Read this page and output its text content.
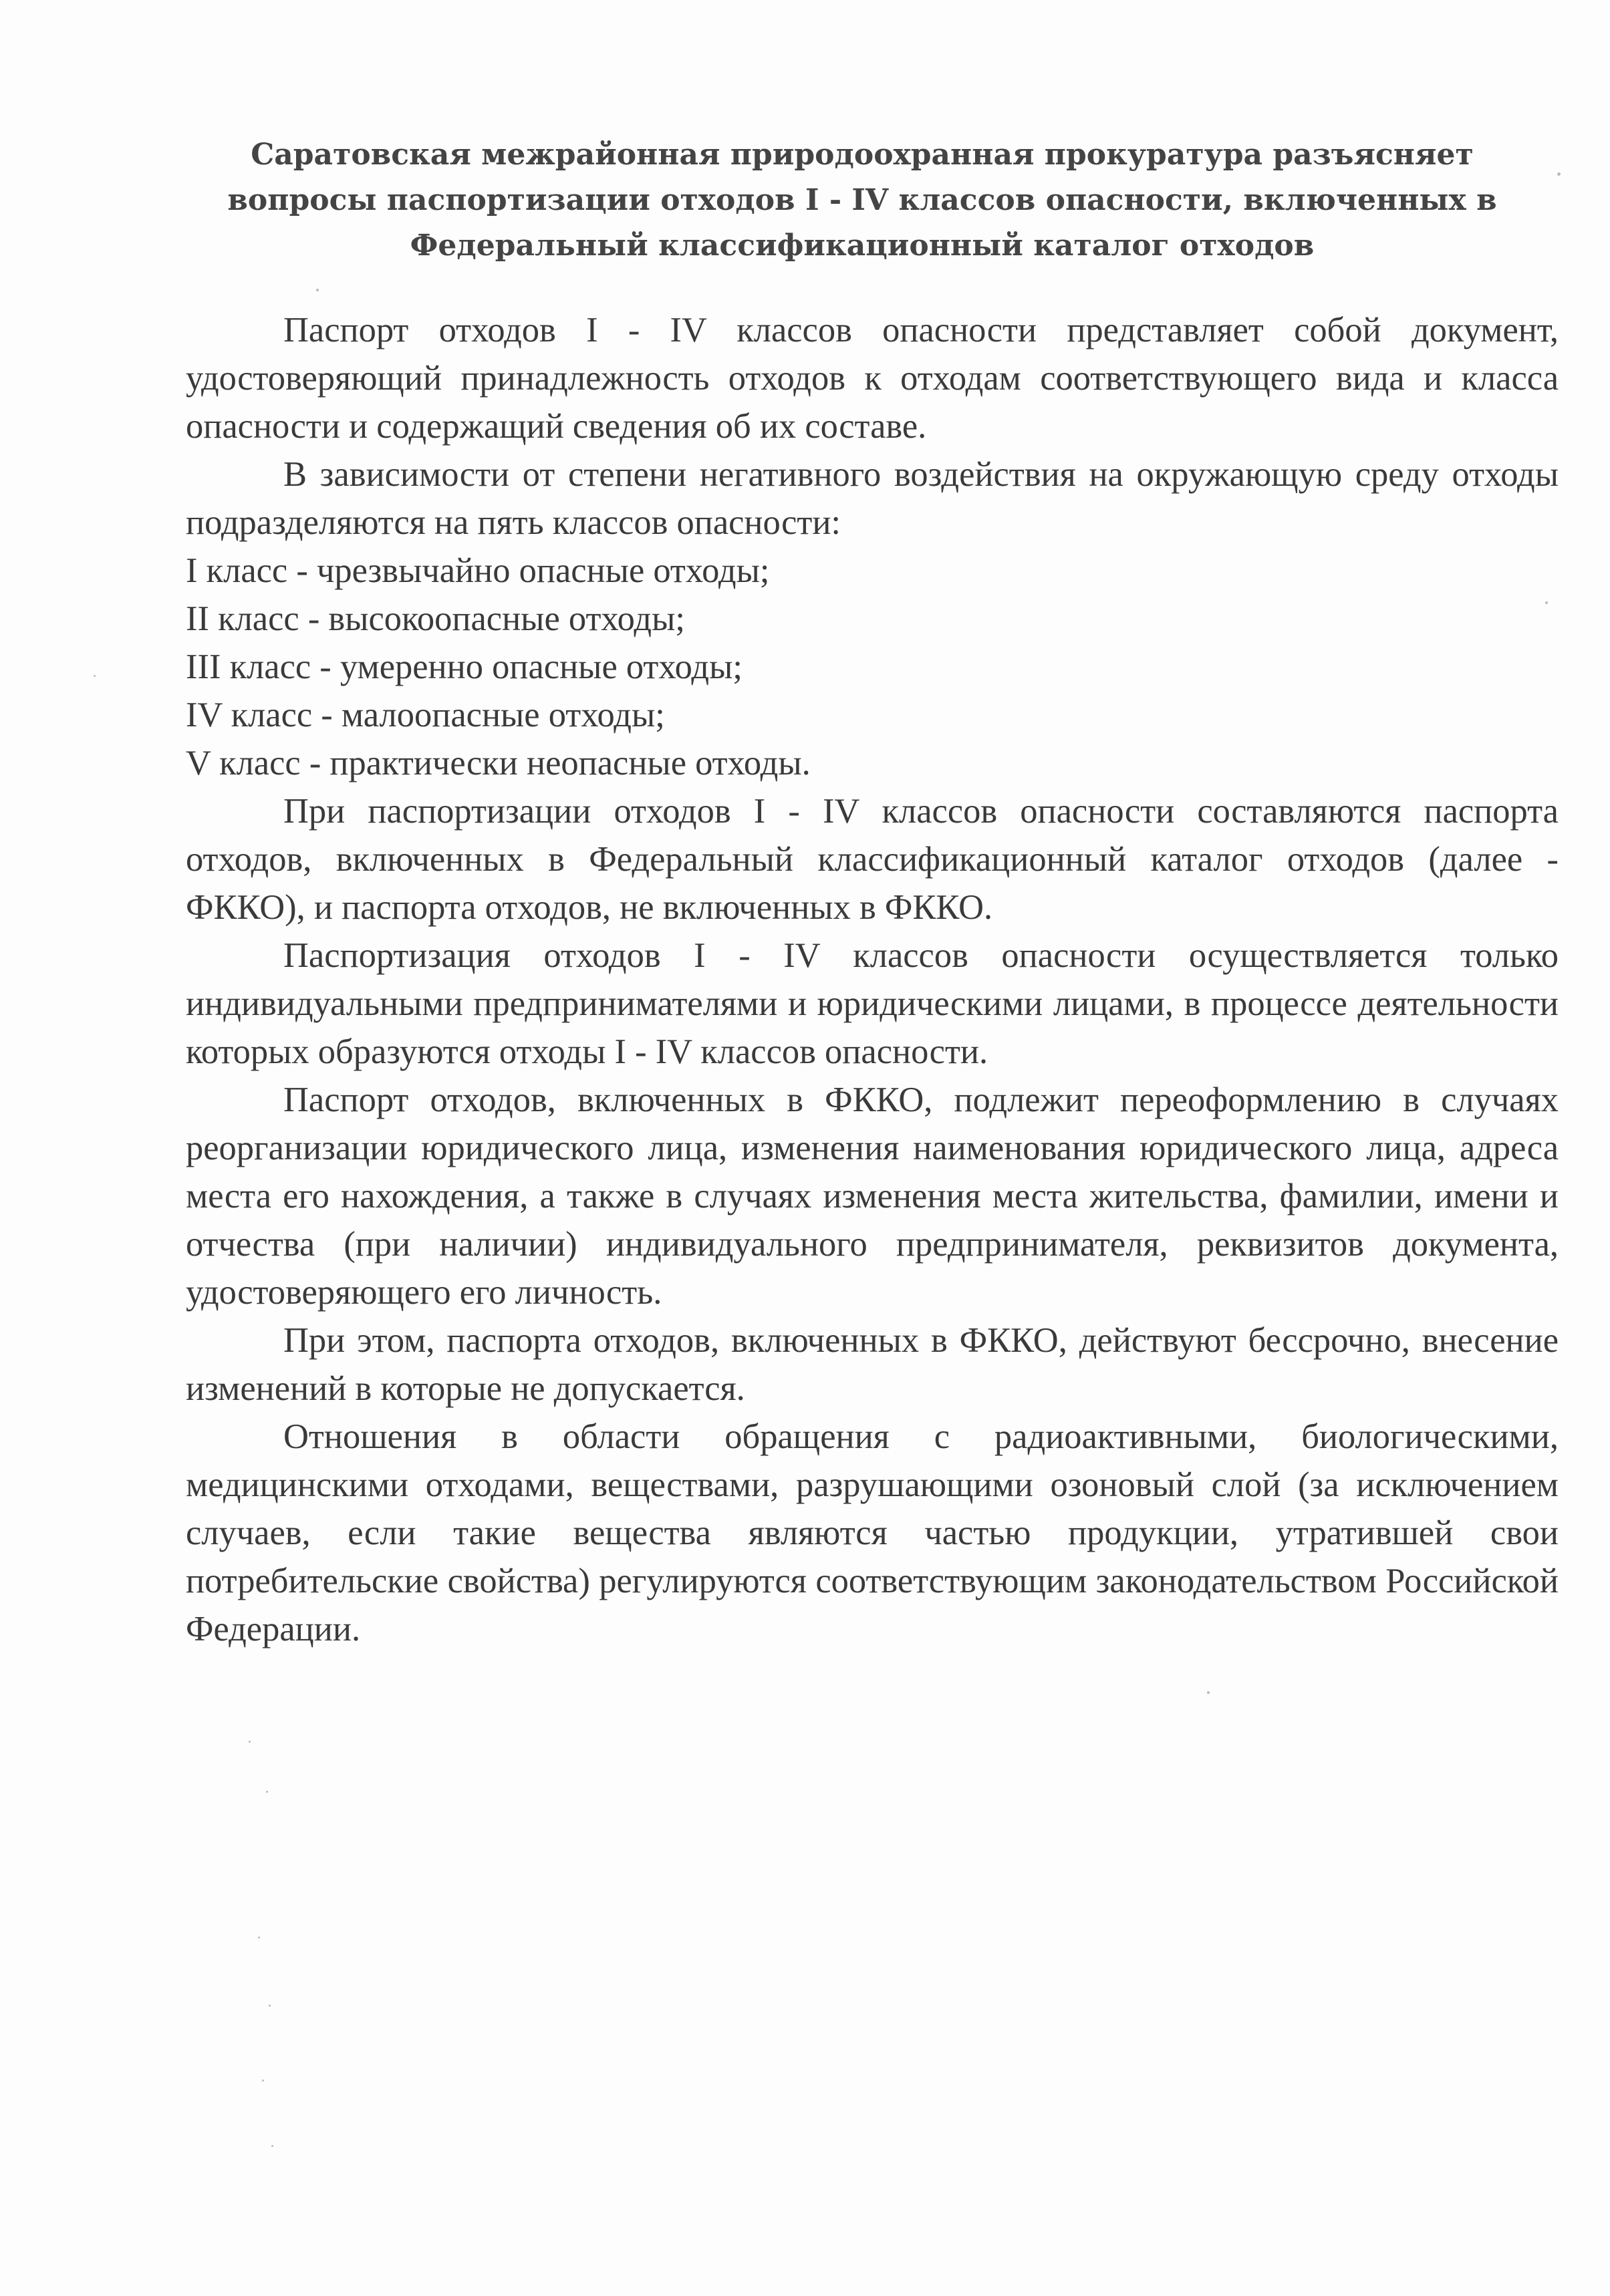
Саратовская межрайонная природоохранная прокуратура разъясняет
вопросы паспортизации отходов I - IV классов опасности, включенных в
Федеральный классификационный каталог отходов

Паспорт отходов I - IV классов опасности представляет собой документ, удостоверяющий принадлежность отходов к отходам соответствующего вида и класса опасности и содержащий сведения об их составе.

В зависимости от степени негативного воздействия на окружающую среду отходы подразделяются на пять классов опасности:

I класс - чрезвычайно опасные отходы;

II класс - высокоопасные отходы;

III класс - умеренно опасные отходы;

IV класс - малоопасные отходы;

V класс - практически неопасные отходы.

При паспортизации отходов I - IV классов опасности составляются паспорта отходов, включенных в Федеральный классификационный каталог отходов (далее - ФККО), и паспорта отходов, не включенных в ФККО.

Паспортизация отходов I - IV классов опасности осуществляется только индивидуальными предпринимателями и юридическими лицами, в процессе деятельности которых образуются отходы I - IV классов опасности.

Паспорт отходов, включенных в ФККО, подлежит переоформлению в случаях реорганизации юридического лица, изменения наименования юридического лица, адреса места его нахождения, а также в случаях изменения места жительства, фамилии, имени и отчества (при наличии) индивидуального предпринимателя, реквизитов документа, удостоверяющего его личность.

При этом, паспорта отходов, включенных в ФККО, действуют бессрочно, внесение изменений в которые не допускается.

Отношения в области обращения с радиоактивными, биологическими, медицинскими отходами, веществами, разрушающими озоновый слой (за исключением случаев, если такие вещества являются частью продукции, утратившей свои потребительские свойства) регулируются соответствующим законодательством Российской Федерации.
